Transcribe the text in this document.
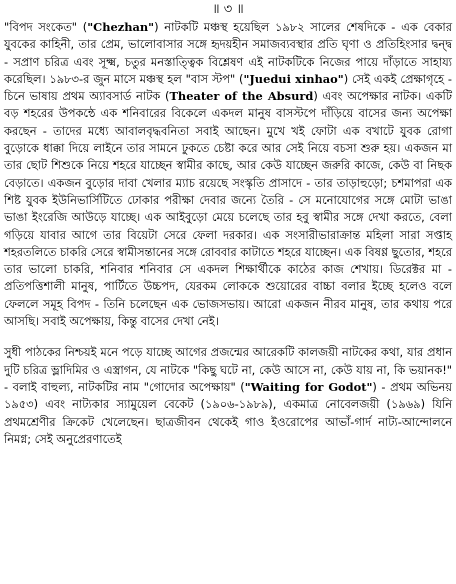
॥ ৩ ॥

"বিপদ সংকেত" ("Chezhan") নাটকটি মঞ্চস্থ হয়েছিল ১৯৮২ সালের শেষদিকে - এক বেকার যুবকের কাহিনী, তার প্রেম, ভালোবাসার সঙ্গে হৃদয়হীন সমাজব্যবস্থার প্রতি ঘৃণা ও প্রতিহিংসার দ্বন্দ্ব - সপ্রাণ চরিত্র এবং সূক্ষ্ম, চতুর মনস্তাত্ত্বিক বিশ্লেষণ এই নাটকটিকে নিজের পায়ে দাঁড়াতে সাহায্য করেছিল। ১৯৮৩-র জুন মাসে মঞ্চস্থ হল "বাস স্টপ" ("Juedui xinhao") সেই একই প্রেক্ষাগৃহে - চিনে ভাষায় প্রথম অ্যাবসার্ড নাটক (Theater of the Absurd) এবং অপেক্ষার নাটক। একটি বড় শহরের উপকন্ঠে এক শনিবারের বিকেলে একদল মানুষ বাসস্টপে দাঁড়িয়ে বাসের জন্য অপেক্ষা করছেন - তাদের মধ্যে আবালবৃদ্ধবনিতা সবাই আছেন। মুখে খই ফোটা এক বখাটে যুবক রোগা বুড়োকে ধাক্কা দিয়ে লাইনে তার সামনে ঢুকতে চেষ্টা করে আর সেই নিয়ে বচসা শুরু হয়। একজন মা তার ছোট শিশুকে নিয়ে শহরে যাচ্ছেন স্বামীর কাছে, আর কেউ যাচ্ছেন জরুরি কাজে, কেউ বা নিছক বেড়াতে। একজন বুড়োর দাবা খেলার ম্যাচ রয়েছে সংস্কৃতি প্রাসাদে - তার তাড়াহুড়ো; চশমাপরা এক শিষ্ট যুবক ইউনিভার্সিটিতে ঢোকার পরীক্ষা দেবার জন্যে তৈরি - সে মনোযোগের সঙ্গে মোটা ভাঙা ভাঙা ইংরেজি আউড়ে যাচ্ছে। এক আইবুড়ো মেয়ে চলেছে তার হবু স্বামীর সঙ্গে দেখা করতে, বেলা গড়িয়ে যাবার আগে তার বিয়েটা সেরে ফেলা দরকার। এক সংসারীভারাক্রান্ত মহিলা সারা সপ্তাহ শহরতলিতে চাকরি সেরে স্বামীসন্তানের সঙ্গে রোববার কাটাতে শহরে যাচ্ছেন। এক বিষণ্ণ ছুতোর, শহরে তার ভালো চাকরি, শনিবার শনিবার সে একদল শিক্ষার্থীকে কাঠের কাজ শেখায়। ডিরেক্টর মা - প্রতিপত্তিশালী মানুষ, পার্টিতে উচ্চপদ, যেরকম লোককে শুয়োরের বাচ্চা বলার ইচ্ছে হলেও বলে ফেললে সমূহ বিপদ - তিনি চলেছেন এক ভোজসভায়। আরো একজন নীরব মানুষ, তার কথায় পরে আসছি। সবাই অপেক্ষায়, কিন্তু বাসের দেখা নেই।

সুধী পাঠকের নিশ্চয়ই মনে পড়ে যাচ্ছে আগের প্রজন্মের আরেকটি কালজয়ী নাটকের কথা, যার প্রধান দুটি চরিত্র ভ্লাদিমির ও এস্ত্রাগন, যে নাটকে "কিছু ঘটে না, কেউ আসে না, কেউ যায় না, কি ভয়ানক!" - বলাই বাহুল্য, নাটকটির নাম "গোদোর অপেক্ষায়" ("Waiting for Godot") - প্রথম অভিনয় ১৯৫৩) এবং নাট্যকার স্যামুয়েল বেকেট (১৯০৬-১৯৮৯), একমাত্র নোবেলজয়ী (১৯৬৯) যিনি প্রথমশ্রেণীর ক্রিকেট খেলেছেন। ছাত্রজীবন থেকেই গাও ইওরোপের আভাঁ-গার্দ নাট্য-আন্দোলনে নিমগ্ন; সেই অনুপ্রেরণাতেই
